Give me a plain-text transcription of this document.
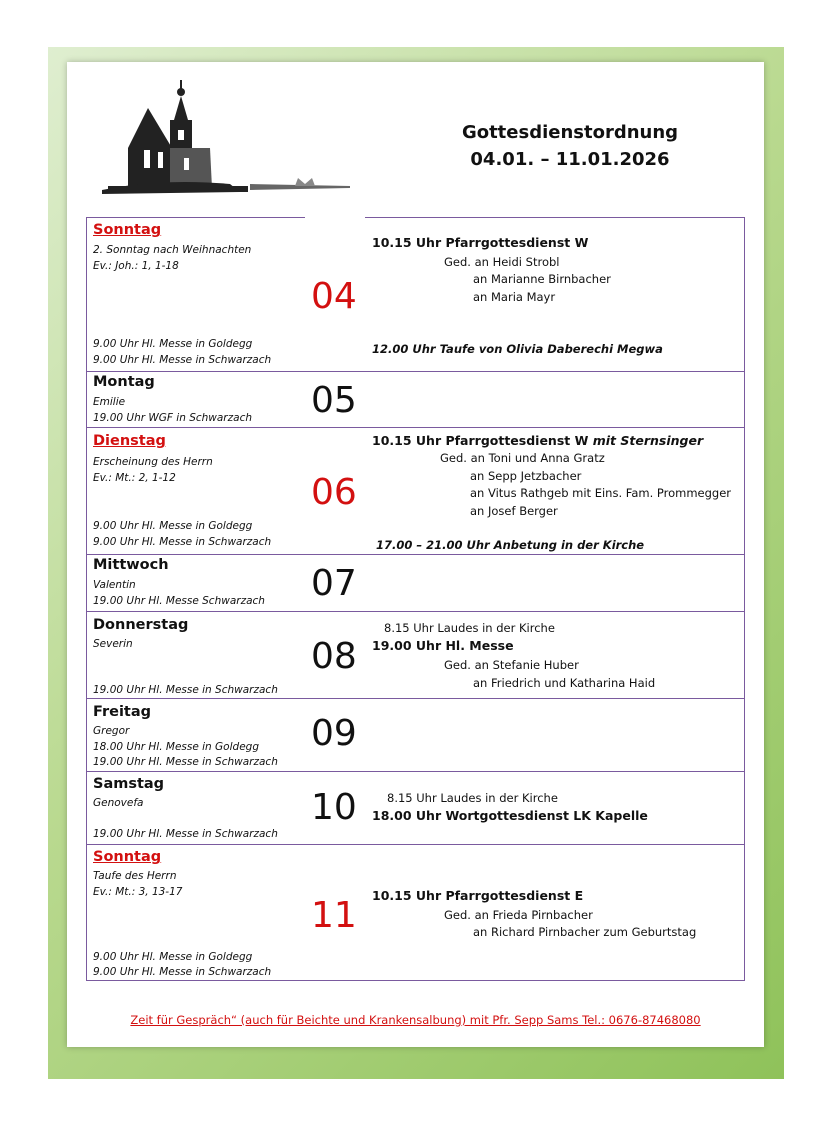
Gottesdienstordnung
04.01. – 11.01.2026
Sonntag
2. Sonntag nach Weihnachten
Ev.: Joh.: 1, 1-18
9.00 Uhr Hl. Messe in Goldegg
9.00 Uhr Hl. Messe in Schwarzach
04
10.15 Uhr Pfarrgottesdienst W
Ged. an Heidi Strobl
an Marianne Birnbacher
an Maria Mayr
12.00 Uhr Taufe von Olivia Daberechi Megwa
Montag
Emilie
19.00 Uhr WGF in Schwarzach 05
Dienstag
Erscheinung des Herrn
Ev.: Mt.: 2, 1-12
9.00 Uhr Hl. Messe in Goldegg
9.00 Uhr Hl. Messe in Schwarzach
06
10.15 Uhr Pfarrgottesdienst W mit Sternsinger
Ged. an Toni und Anna Gratz
an Sepp Jetzbacher
an Vitus Rathgeb mit Eins. Fam. Prommegger
an Josef Berger
17.00 – 21.00 Uhr Anbetung in der Kirche
Mittwoch
Valentin
19.00 Uhr Hl. Messe Schwarzach 07
Donnerstag
Severin
19.00 Uhr Hl. Messe in Schwarzach
08
8.15 Uhr Laudes in der Kirche
19.00 Uhr Hl. Messe
Ged. an Stefanie Huber
an Friedrich und Katharina Haid
Freitag
Gregor
18.00 Uhr Hl. Messe in Goldegg
19.00 Uhr Hl. Messe in Schwarzach
09
Samstag
Genovefa
19.00 Uhr Hl. Messe in Schwarzach
10	8.15 Uhr Laudes in der Kirche
18.00 Uhr Wortgottesdienst LK Kapelle
Sonntag
Taufe des Herrn
Ev.: Mt.: 3, 13-17
9.00 Uhr Hl. Messe in Goldegg
9.00 Uhr Hl. Messe in Schwarzach
11 10.15 Uhr Pfarrgottesdienst E
Ged. an Frieda Pirnbacher
an Richard Pirnbacher zum Geburtstag
Zeit für Gespräch“ (auch für Beichte und Krankensalbung) mit Pfr. Sepp Sams Tel.: 0676-87468080
